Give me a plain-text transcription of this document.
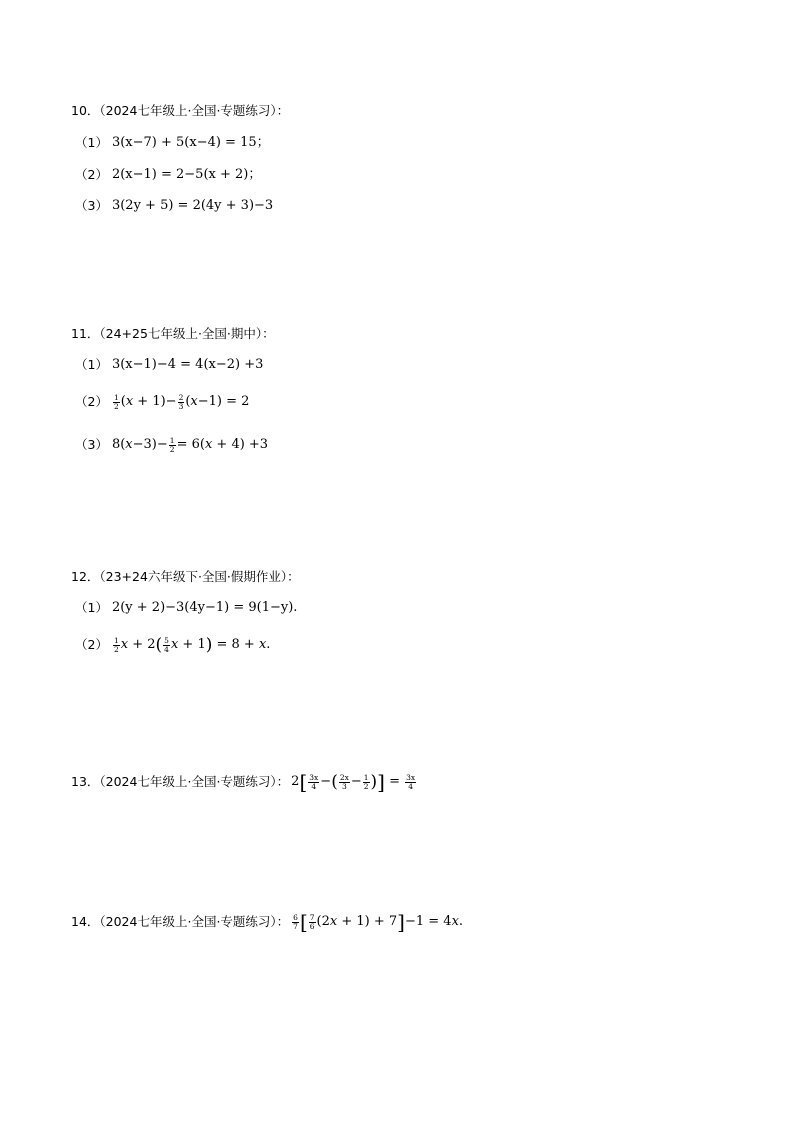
10．（2024七年级上·全国·专题练习）：
（1） 3(x−7) + 5(x−4) = 15；
（2） 2(x−1) = 2−5(x + 2)；
（3） 3(2y + 5) = 2(4y + 3)−3
11．（24+25七年级上·全国·期中）：
（1） 3(x−1)−4 = 4(x−2) +3
$(2) \frac{1}{2}$ ( $x + 1)- \frac{2}{3}$ ( x −1) = 2
（3） 8( $x -3)- \frac{1}{2} = 6$( x + 4) +3
12．（23+24六年级下·全国·假期作业）：
（1） 2(y + 2)−3(4y−1) = 9(1−y).
$(2) \frac{1}{2}$ x + 2 ( $\frac{5}{4}$ x + 1 ) = 8 + x .
13．（2024七年级上·全国·专题练习）： 2 [ $\frac{3x}{4}$ − ( $\frac{2x}{3} - \frac{1}{2}$ ) ] = $\frac{3x}{4}$
14．（2024七年级上·全国·专题练习）： $\frac{6}{7}$ [ $\frac{7}{6} (2$ x + 1) + 7 ] −1 = 4 x .
